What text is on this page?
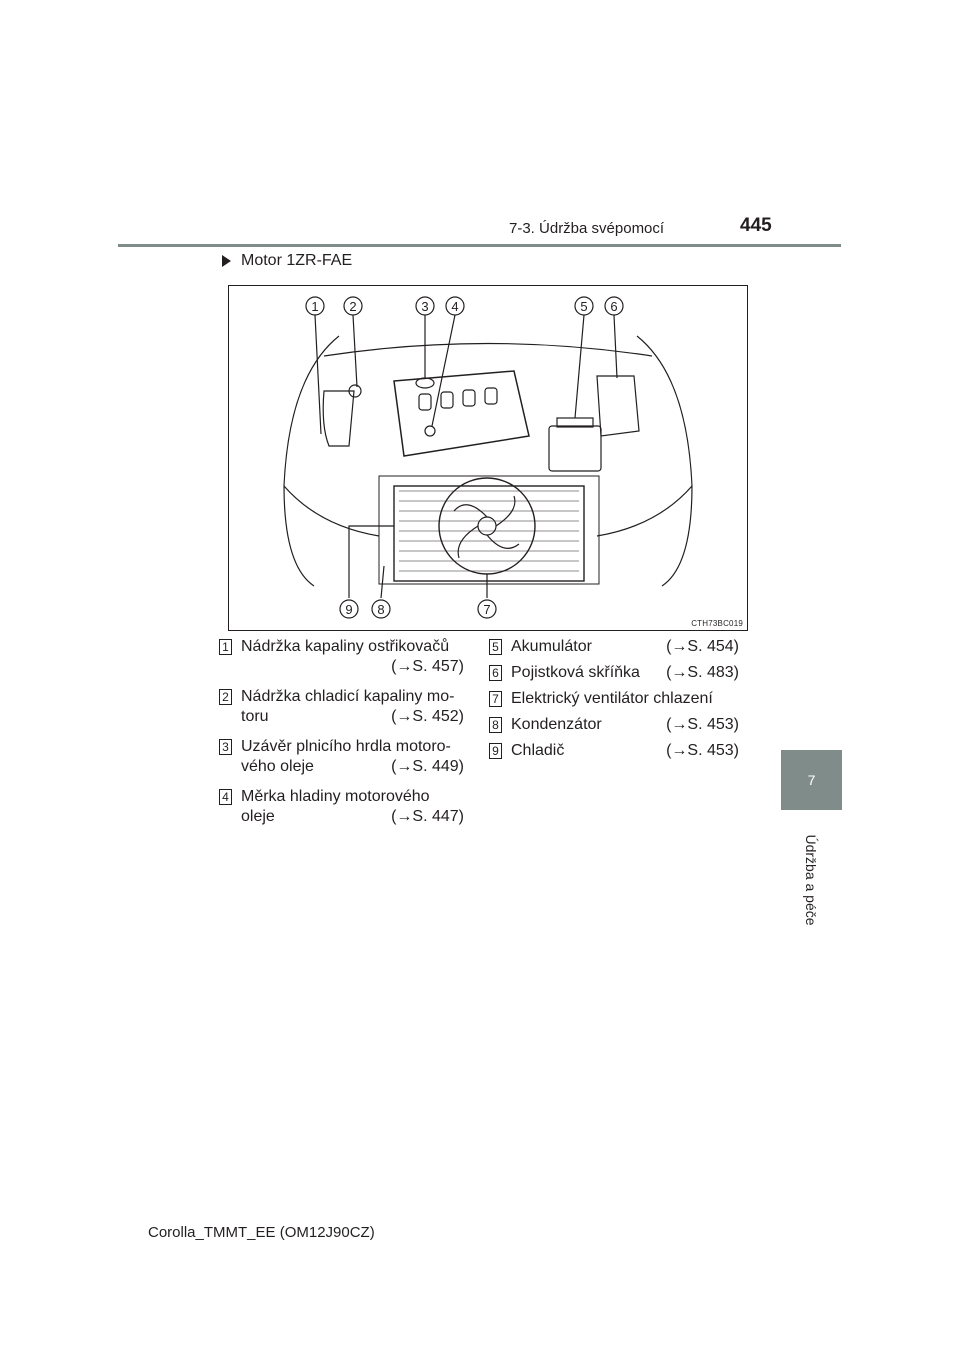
7-3. Údržba svépomocí	445
Motor 1ZR-FAE
1 2	3 4	5 6
7
8
9
CTH73BC019
1 Nádržka kapaliny ostřikovačů
(→S. 457)
2 Nádržka chladicí kapaliny mo-
toru	(→S. 452)
3 Uzávěr plnicího hrdla motoro-
vého oleje	(→S. 449)
4 Měrka hladiny motorového
oleje	(→S. 447)
5 Akumulátor	(→S. 454)
6 Pojistková skříňka (→S. 483)
7 Elektrický ventilátor chlazení
8 Kondenzátor	(→S. 453)
9 Chladič	(→S. 453)
7
Údržba a péče
Corolla_TMMT_EE (OM12J90CZ)
